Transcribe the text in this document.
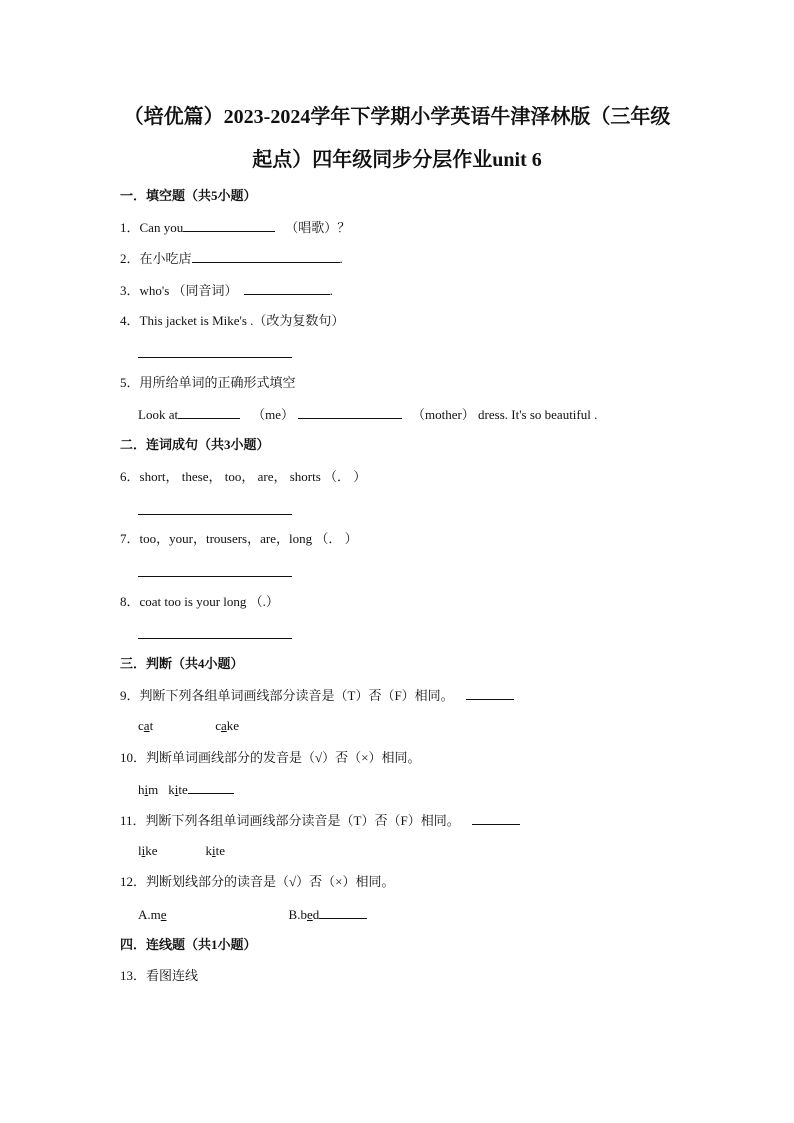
（培优篇）2023-2024学年下学期小学英语牛津泽林版（三年级
起点）四年级同步分层作业unit 6
一．填空题（共5小题）
1．Can you	（唱歌）？
2．在小吃店	.
3．who's （同音词）	.
4．This jacket is Mike's .（改为复数句）
5．用所给单词的正确形式填空
Look at	（me）	（mother） dress. It's so beautiful .
二．连词成句（共3小题）
6．short， these， too， are， shorts （． ）
7．too，your，trousers，are，long （． ）
8．coat too is your long （.）
三．判断（共4小题）
9．判断下列各组单词画线部分读音是（T）否（F）相同。
cat	cake
10．判断单词画线部分的发音是（√）否（×）相同。
him kite
11．判断下列各组单词画线部分读音是（T）否（F）相同。
like	kite
12．判断划线部分的读音是（√）否（×）相同。
A.me	B.bed
四．连线题（共1小题）
13．看图连线
